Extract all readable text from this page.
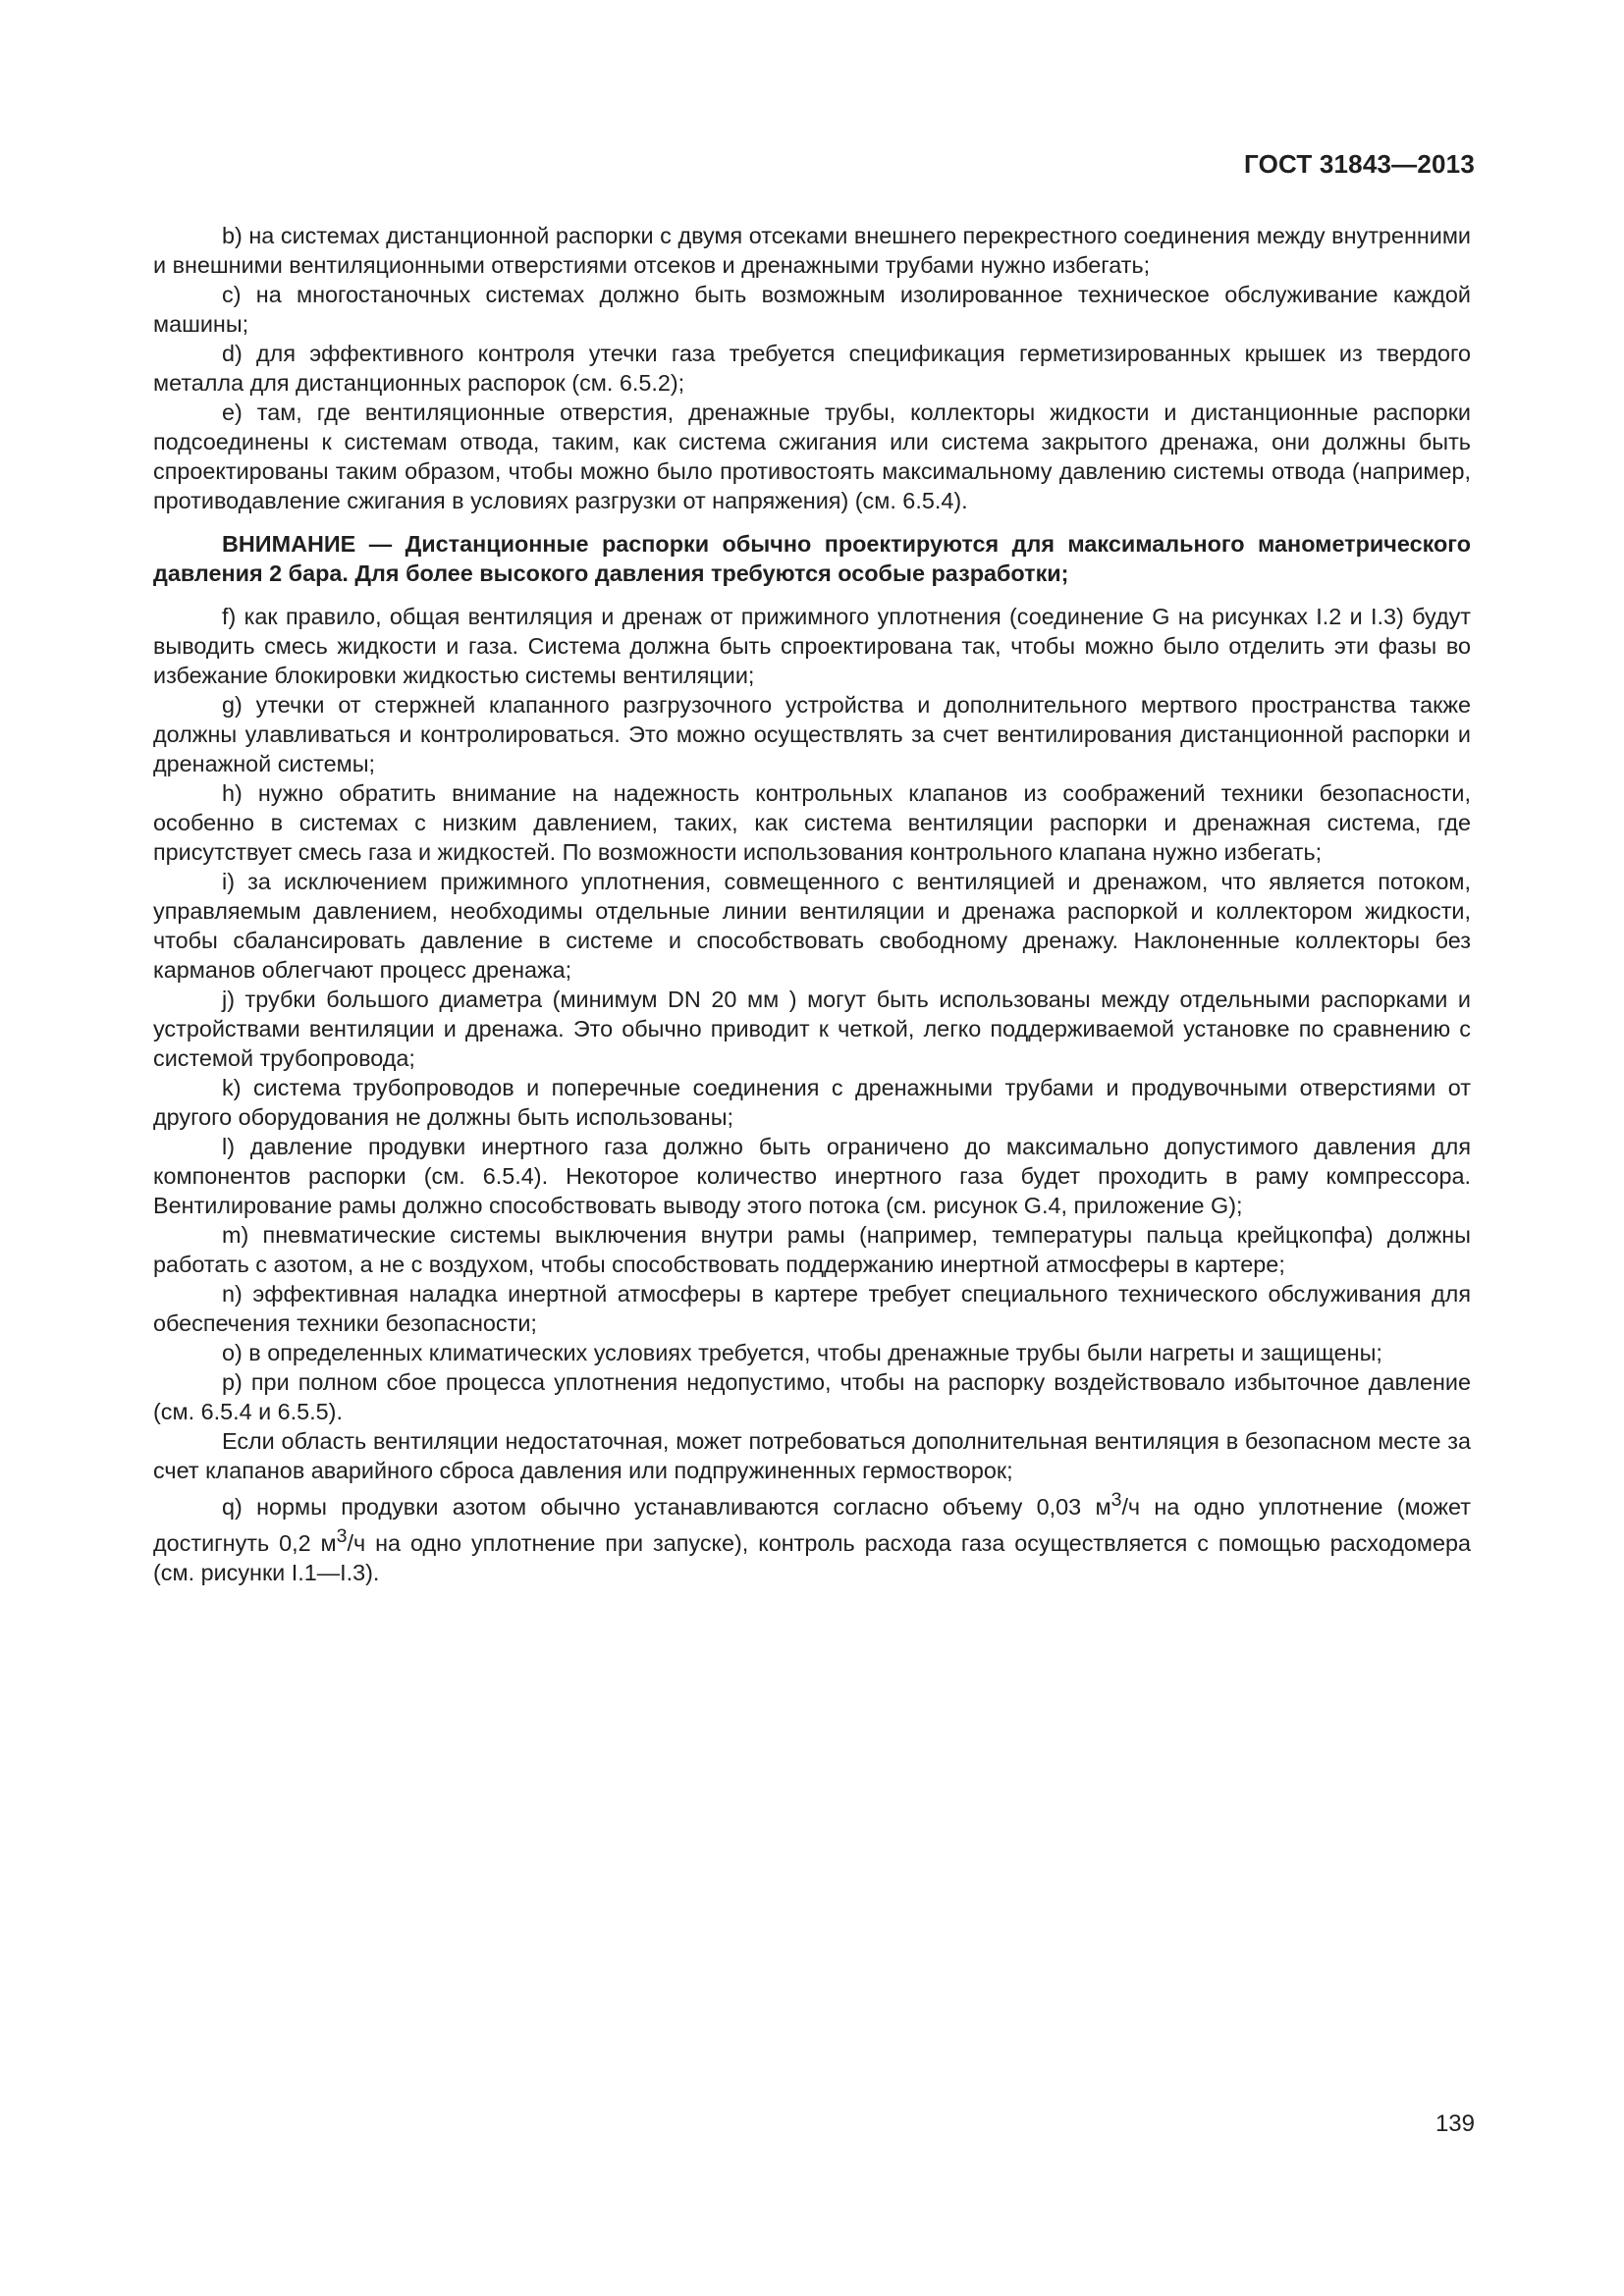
ГОСТ 31843—2013

b) на системах дистанционной распорки с двумя отсеками внешнего перекрестного соединения между внутренними и внешними вентиляционными отверстиями отсеков и дренажными трубами нужно избегать;

c) на многостаночных системах должно быть возможным изолированное техническое обслуживание каждой машины;

d) для эффективного контроля утечки газа требуется спецификация герметизированных крышек из твердого металла для дистанционных распорок (см. 6.5.2);

e) там, где вентиляционные отверстия, дренажные трубы, коллекторы жидкости и дистанционные распорки подсоединены к системам отвода, таким, как система сжигания или система закрытого дренажа, они должны быть спроектированы таким образом, чтобы можно было противостоять максимальному давлению системы отвода (например, противодавление сжигания в условиях разгрузки от напряжения) (см. 6.5.4).

ВНИМАНИЕ — Дистанционные распорки обычно проектируются для максимального манометрического давления 2 бара. Для более высокого давления требуются особые разработки;

f) как правило, общая вентиляция и дренаж от прижимного уплотнения (соединение G на рисунках I.2 и I.3) будут выводить смесь жидкости и газа. Система должна быть спроектирована так, чтобы можно было отделить эти фазы во избежание блокировки жидкостью системы вентиляции;

g) утечки от стержней клапанного разгрузочного устройства и дополнительного мертвого пространства также должны улавливаться и контролироваться. Это можно осуществлять за счет вентилирования дистанционной распорки и дренажной системы;

h) нужно обратить внимание на надежность контрольных клапанов из соображений техники безопасности, особенно в системах с низким давлением, таких, как система вентиляции распорки и дренажная система, где присутствует смесь газа и жидкостей. По возможности использования контрольного клапана нужно избегать;

i) за исключением прижимного уплотнения, совмещенного с вентиляцией и дренажом, что является потоком, управляемым давлением, необходимы отдельные линии вентиляции и дренажа распоркой и коллектором жидкости, чтобы сбалансировать давление в системе и способствовать свободному дренажу. Наклоненные коллекторы без карманов облегчают процесс дренажа;

j) трубки большого диаметра (минимум DN 20 мм ) могут быть использованы между отдельными распорками и устройствами вентиляции и дренажа. Это обычно приводит к четкой, легко поддерживаемой установке по сравнению с системой трубопровода;

k) система трубопроводов и поперечные соединения с дренажными трубами и продувочными отверстиями от другого оборудования не должны быть использованы;

l) давление продувки инертного газа должно быть ограничено до максимально допустимого давления для компонентов распорки (см. 6.5.4). Некоторое количество инертного газа будет проходить в раму компрессора. Вентилирование рамы должно способствовать выводу этого потока (см. рисунок G.4, приложение G);

m) пневматические системы выключения внутри рамы (например, температуры пальца крейцкопфа) должны работать с азотом, а не с воздухом, чтобы способствовать поддержанию инертной атмосферы в картере;

n) эффективная наладка инертной атмосферы в картере требует специального технического обслуживания для обеспечения техники безопасности;

o) в определенных климатических условиях требуется, чтобы дренажные трубы были нагреты и защищены;

p) при полном сбое процесса уплотнения недопустимо, чтобы на распорку воздействовало избыточное давление (см. 6.5.4 и 6.5.5).

Если область вентиляции недостаточная, может потребоваться дополнительная вентиляция в безопасном месте за счет клапанов аварийного сброса давления или подпружиненных гермостворок;

q) нормы продувки азотом обычно устанавливаются согласно объему 0,03 $м^3/ч$ на одно уплотнение (может достигнуть 0,2 $м^3/ч$ на одно уплотнение при запуске), контроль расхода газа осуществляется с помощью расходомера (см. рисунки I.1—I.3).

139
